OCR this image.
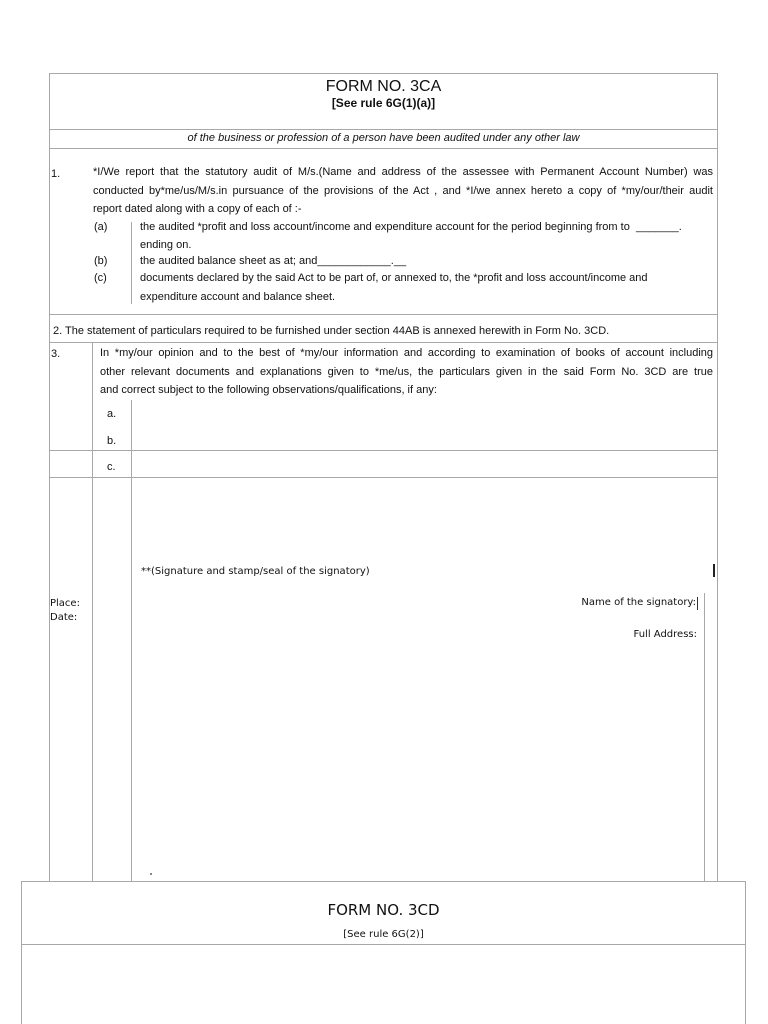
FORM NO. 3CA
[See rule 6G(1)(a)]
of the business or profession of a person have been audited under any other law
1.	*I/We report that the statutory audit of M/s.(Name and address of the assessee with Permanent Account Number) was
conducted by*me/us/M/s.in pursuance of the provisions of the Act , and *I/we annex hereto a copy of *my/our/their audit
report dated along with a copy of each of :-
(a)	the audited *profit and loss account/income and expenditure account for the period beginning from to _______.
ending on.
(b)	the audited balance sheet as at; and____________.__
(c)	documents declared by the said Act to be part of, or annexed to, the *profit and loss account/income and
expenditure account and balance sheet.
2. The statement of particulars required to be furnished under section 44AB is annexed herewith in Form No. 3CD.
3.	In *my/our opinion and to the best of *my/our information and according to examination of books of account including
other relevant documents and explanations given to *me/us, the particulars given in the said Form No. 3CD are true
and correct subject to the following observations/qualifications, if any:
a.
b.
c.
**(Signature and stamp/seal of the signatory)
Place:
Date:
Name of the signatory:
Full Address:
FORM NO. 3CD
[See rule 6G(2)]
